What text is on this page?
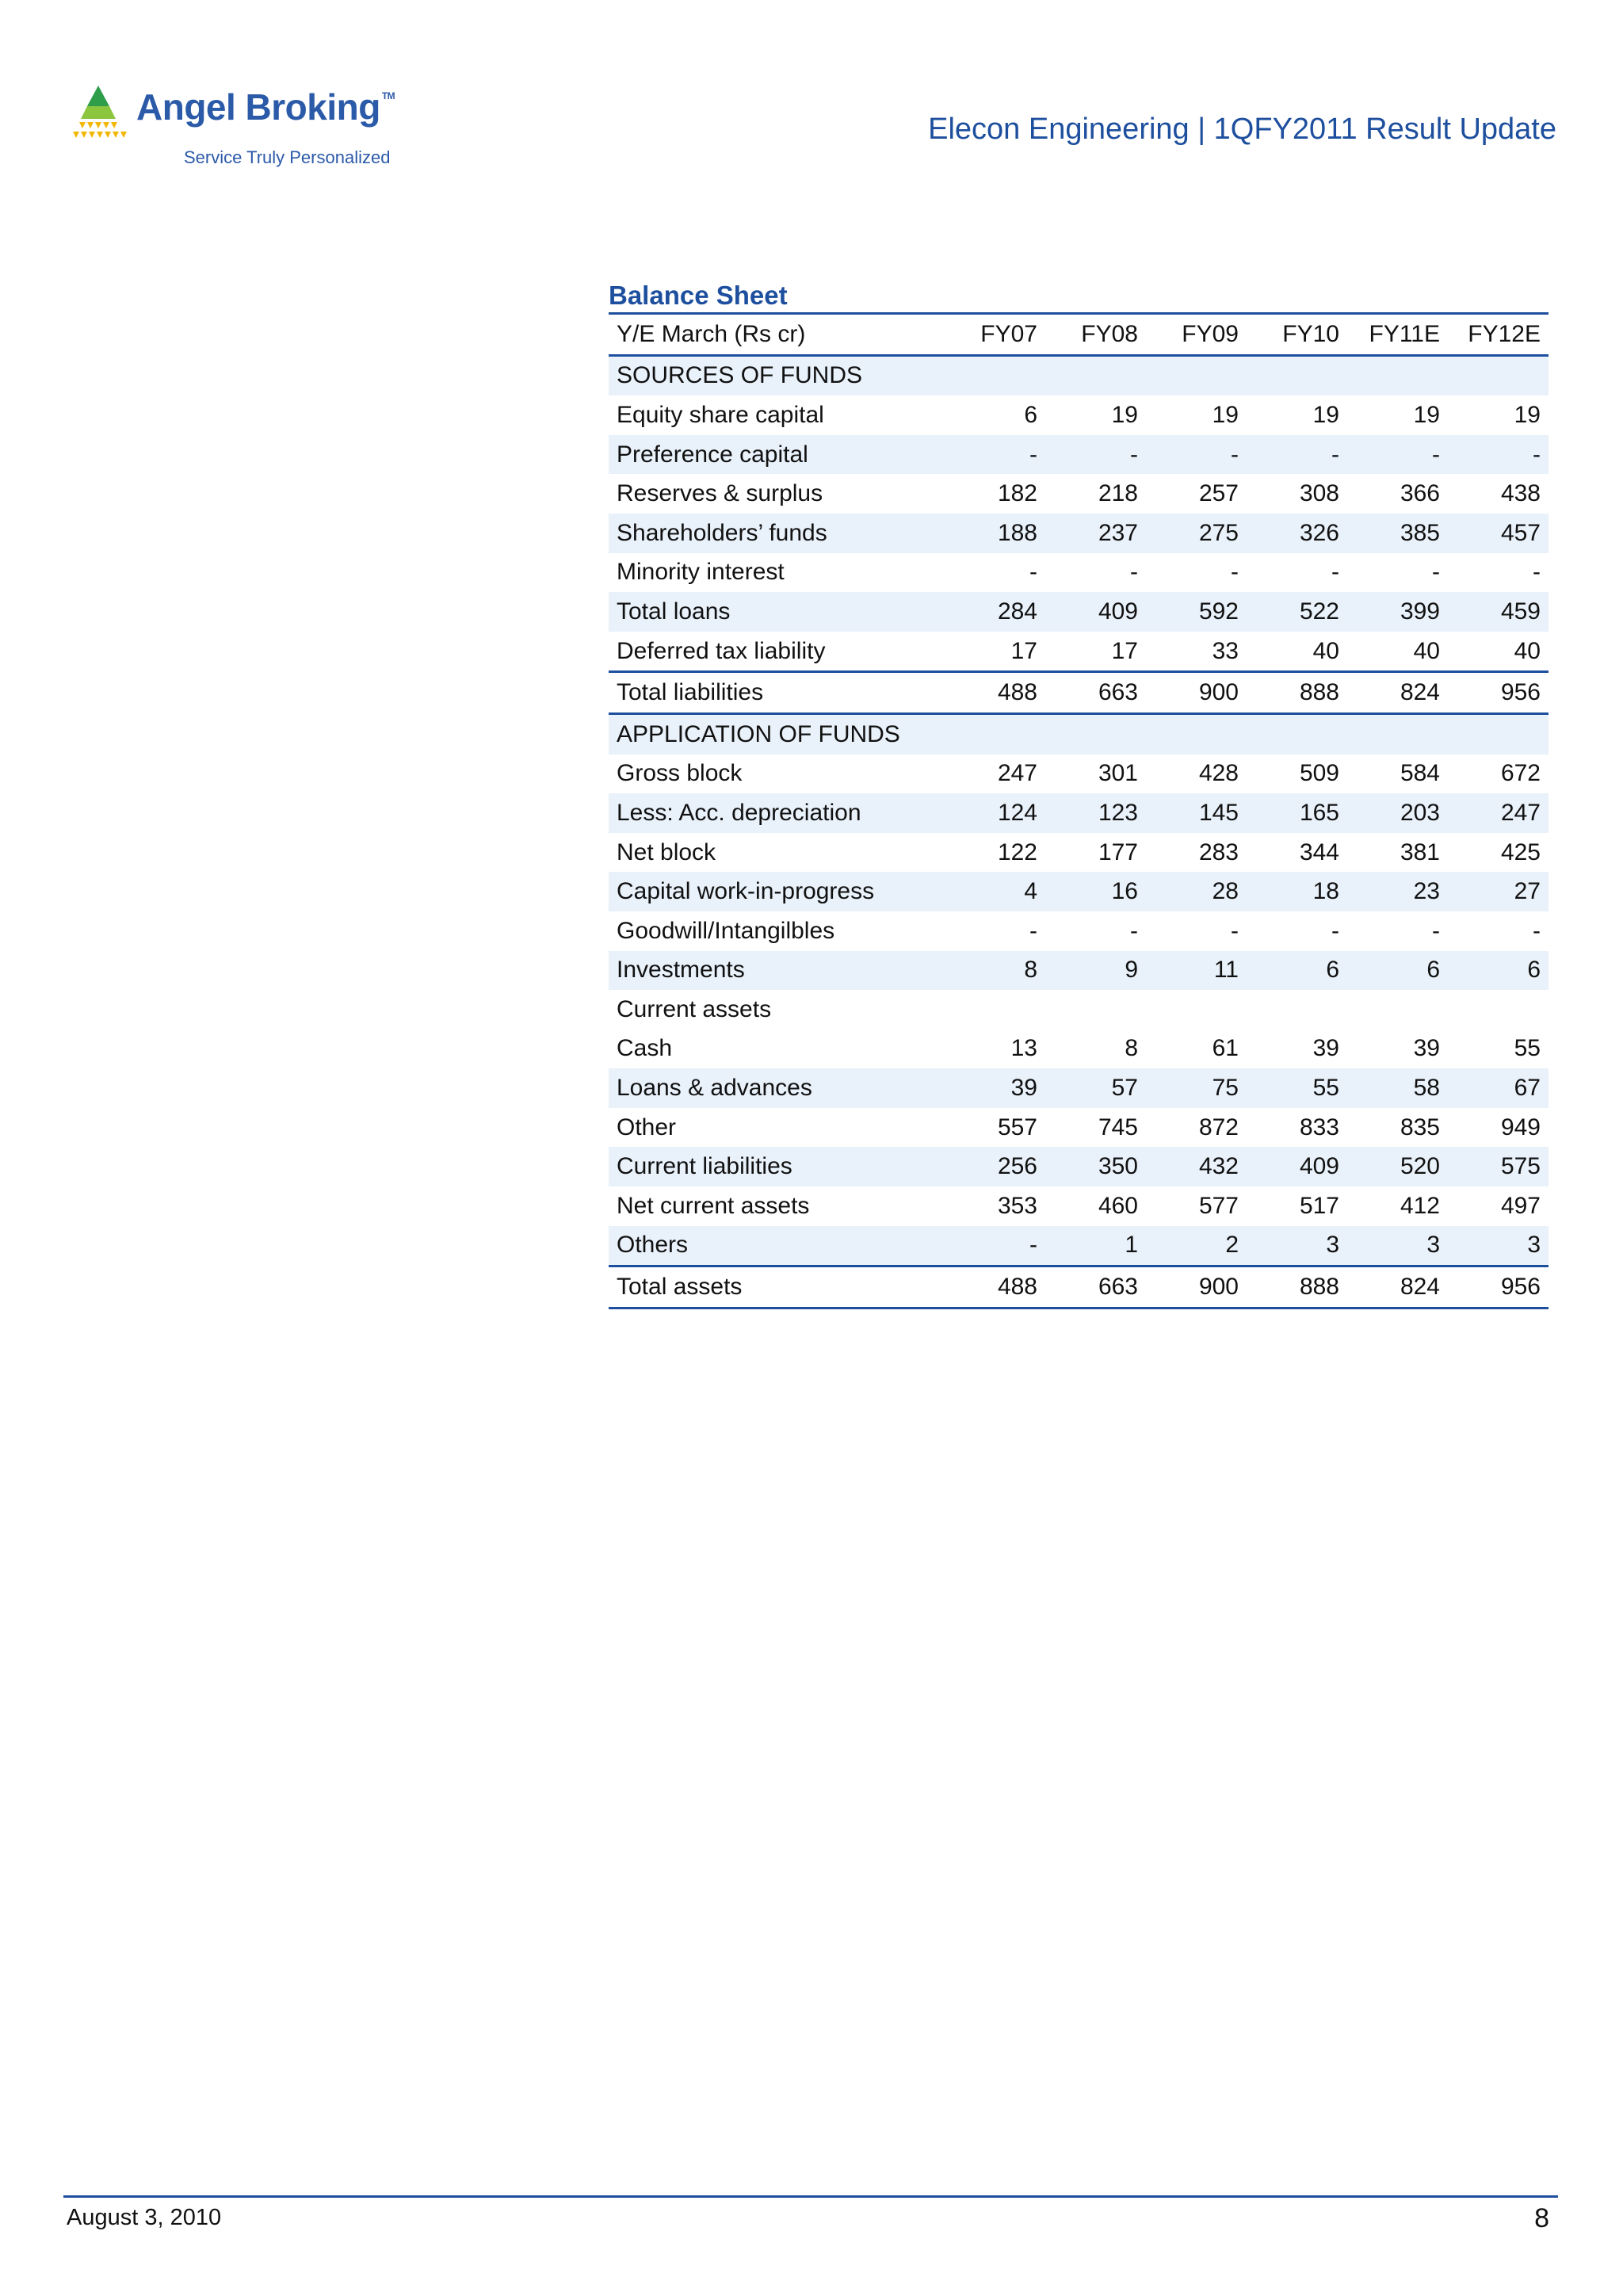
Angel Broking ™
Service Truly Personalized
Elecon Engineering | 1QFY2011 Result Update
Balance Sheet
Y/E March (Rs cr)	FY07	FY08	FY09	FY10	FY11E	FY12E
SOURCES OF FUNDS						
Equity share capital	6	19	19	19	19	19
Preference capital	-	-	-	-	-	-
Reserves & surplus	182	218	257	308	366	438
Shareholders’ funds	188	237	275	326	385	457
Minority interest	-	-	-	-	-	-
Total loans	284	409	592	522	399	459
Deferred tax liability	17	17	33	40	40	40
Total liabilities	488	663	900	888	824	956
APPLICATION OF FUNDS						
Gross block	247	301	428	509	584	672
Less: Acc. depreciation	124	123	145	165	203	247
Net block	122	177	283	344	381	425
Capital work-in-progress	4	16	28	18	23	27
Goodwill/Intangilbles	-	-	-	-	-	-
Investments	8	9	11	6	6	6
Current assets						
Cash	13	8	61	39	39	55
Loans & advances	39	57	75	55	58	67
Other	557	745	872	833	835	949
Current liabilities	256	350	432	409	520	575
Net current assets	353	460	577	517	412	497
Others	-	1	2	3	3	3
Total assets	488	663	900	888	824	956
August 3, 2010	8
